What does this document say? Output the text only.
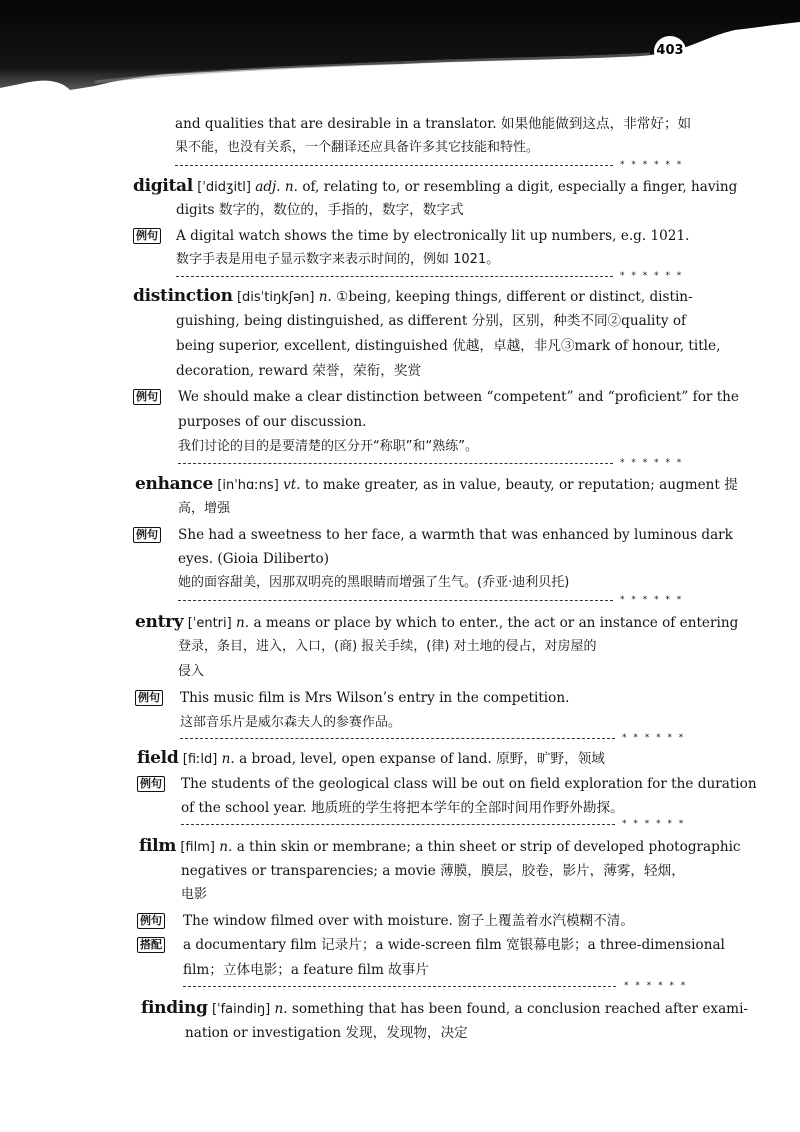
403
and qualities that are desirable in a translator. 如果他能做到这点，非常好；如
果不能，也没有关系，一个翻译还应具备许多其它技能和特性。
* * * * * *
digital [ˈdidʒitl] adj. n. of, relating to, or resembling a digit, especially a finger, having
digits 数字的，数位的，手指的，数字，数字式
例句 A digital watch shows the time by electronically lit up numbers, e.g. 1021.
数字手表是用电子显示数字来表示时间的，例如 1021。
* * * * * *
distinction [disˈtiŋkʃən] n. ①being, keeping things, different or distinct, distin-
guishing, being distinguished, as different 分别，区别，种类不同②quality of
being superior, excellent, distinguished 优越，卓越，非凡③mark of honour, title,
decoration, reward 荣誉，荣衔，奖赏
例句 We should make a clear distinction between “competent” and “proficient” for the
purposes of our discussion.
我们讨论的目的是要清楚的区分开“称职”和“熟练”。
* * * * * *
enhance [inˈhɑːns] vt. to make greater, as in value, beauty, or reputation; augment 提
高，增强
例句 She had a sweetness to her face, a warmth that was enhanced by luminous dark
eyes. (Gioia Diliberto)
她的面容甜美，因那双明亮的黑眼睛而增强了生气。(乔亚·迪利贝托)
* * * * * *
entry [ˈentri] n. a means or place by which to enter., the act or an instance of entering
登录，条目，进入，入口，(商) 报关手续，(律) 对土地的侵占，对房屋的
侵入
例句 This music film is Mrs Wilson’s entry in the competition.
这部音乐片是威尔森夫人的参赛作品。
* * * * * *
field [fiːld] n. a broad, level, open expanse of land. 原野，旷野，领域
例句 The students of the geological class will be out on field exploration for the duration
of the school year. 地质班的学生将把本学年的全部时间用作野外勘探。
* * * * * *
film [film] n. a thin skin or membrane; a thin sheet or strip of developed photographic
negatives or transparencies; a movie 薄膜，膜层，胶卷，影片，薄雾，轻烟，
电影
例句 The window filmed over with moisture. 窗子上覆盖着水汽模糊不清。
搭配 a documentary film 记录片；a wide-screen film 宽银幕电影；a three-dimensional
film；立体电影；a feature film 故事片
* * * * * *
finding [ˈfaindiŋ] n. something that has been found, a conclusion reached after exami-
nation or investigation 发现，发现物，决定
